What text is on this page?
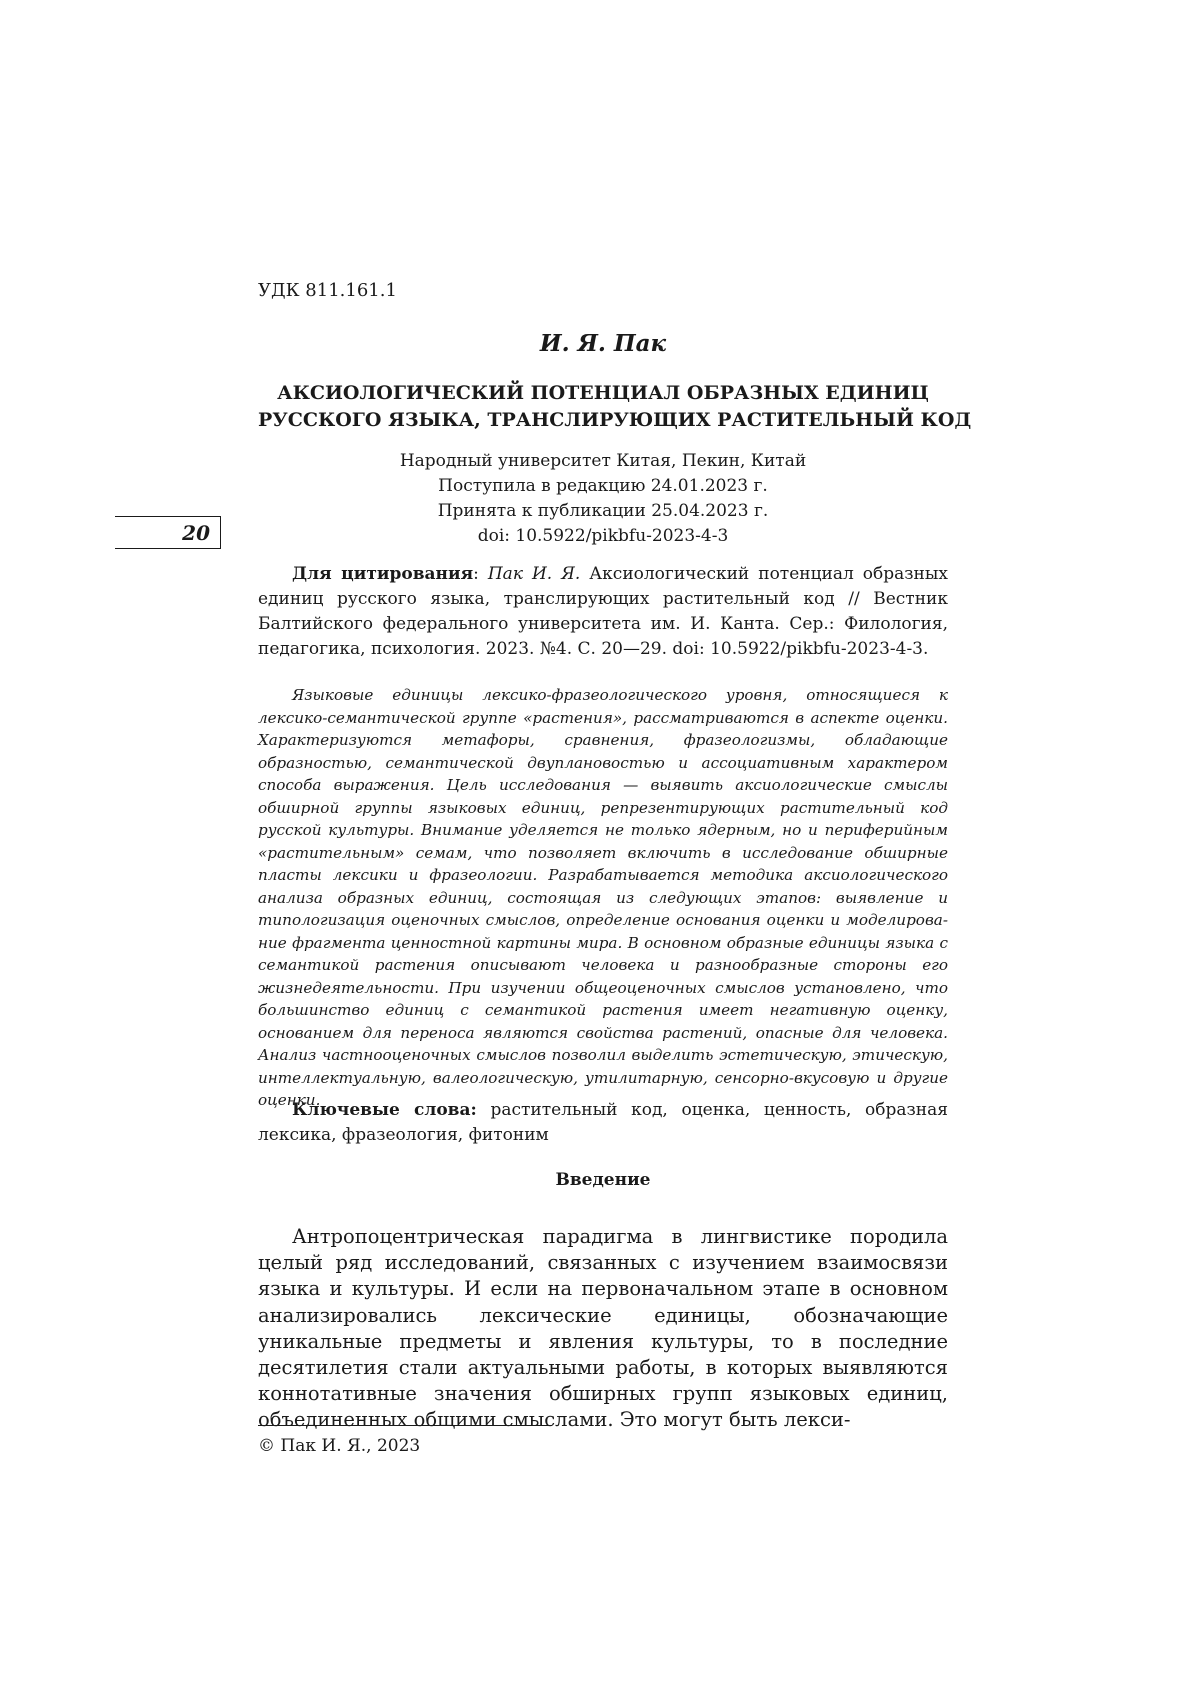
УДК 811.161.1
И. Я. Пак
АКСИОЛОГИЧЕСКИЙ ПОТЕНЦИАЛ ОБРАЗНЫХ ЕДИНИЦ
РУССКОГО ЯЗЫКА, ТРАНСЛИРУЮЩИХ РАСТИТЕЛЬНЫЙ КОД
Народный университет Китая, Пекин, Китай
Поступила в редакцию 24.01.2023 г.
Принята к публикации 25.04.2023 г.
doi: 10.5922/pikbfu-2023-4-3
20
Для цитирования: Пак И. Я. Аксиологический потенциал образных единиц русского языка, транслирующих растительный код // Вестник Балтийского федерального университета им. И. Канта. Сер.: Филология, педагогика, психология. 2023. №4. С. 20—29. doi: 10.5922/pikbfu-2023-4-3.
Языковые единицы лексико-фразеологического уровня, относящиеся к лексико-семантической группе «растения», рассматриваются в аспекте оценки. Характеризуются метафоры, сравнения, фразеологизмы, обладающие образностью, семантической двуплановостью и ассоциативным характером способа выражения. Цель исследования — выявить аксиологические смыслы обширной группы языковых единиц, репрезентирующих растительный код русской культуры. Внимание уделяется не только ядерным, но и периферийным «растительным» семам, что позволяет включить в исследование обширные пласты лексики и фразеологии. Разрабатывается методика аксиологического анализа образных единиц, состоящая из следующих этапов: выявление и типологизация оценочных смыслов, определение основания оценки и моделирование фрагмента ценностной картины мира. В основном образные единицы языка с семантикой растения описывают человека и разнообразные стороны его жизнедеятельности. При изучении общеоценочных смыслов установлено, что большинство единиц с семантикой растения имеет негативную оценку, основанием для переноса являются свойства растений, опасные для человека. Анализ частнооценочных смыслов позволил выделить эстетическую, этическую, интеллектуальную, валеологическую, утилитарную, сенсорно-вкусовую и другие оценки.
Ключевые слова: растительный код, оценка, ценность, образная лексика, фразеология, фитоним
Введение
Антропоцентрическая парадигма в лингвистике породила целый ряд исследований, связанных с изучением взаимосвязи языка и культуры. И если на первоначальном этапе в основном анализировались лексические единицы, обозначающие уникальные предметы и явления культуры, то в последние десятилетия стали актуальными работы, в которых выявляются коннотативные значения обширных групп языковых единиц, объединенных общими смыслами. Это могут быть лекси-
© Пак И. Я., 2023
